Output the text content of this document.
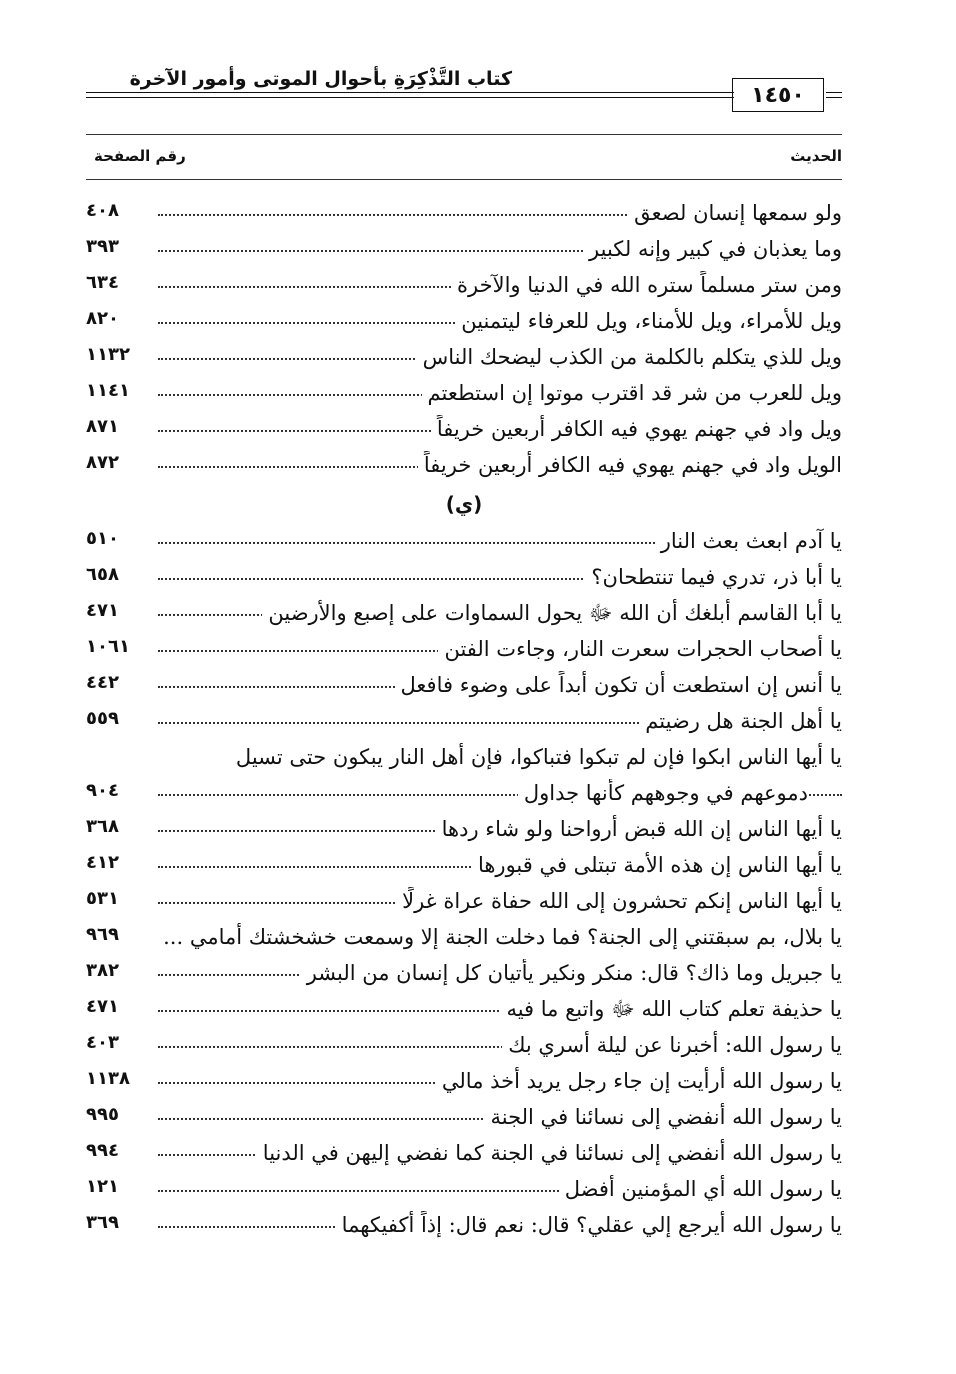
كتاب التَّذْكِرَةِ بأحوال الموتى وأمور الآخرة
١٤٥٠
الحديث
رقم الصفحة
ولو سمعها إنسان لصعق
٤٠٨
وما يعذبان في كبير وإنه لكبير
٣٩٣
ومن ستر مسلماً ستره الله في الدنيا والآخرة
٦٣٤
ويل للأمراء، ويل للأمناء، ويل للعرفاء ليتمنين
٨٢٠
ويل للذي يتكلم بالكلمة من الكذب ليضحك الناس
١١٣٢
ويل للعرب من شر قد اقترب موتوا إن استطعتم
١١٤١
ويل واد في جهنم يهوي فيه الكافر أربعين خريفاً
٨٧١
الويل واد في جهنم يهوي فيه الكافر أربعين خريفاً
٨٧٢
(ي)
يا آدم ابعث بعث النار
٥١٠
يا أبا ذر، تدري فيما تنتطحان؟
٦٥٨
يا أبا القاسم أبلغك أن الله ﷻ يحول السماوات على إصبع والأرضين
٤٧١
يا أصحاب الحجرات سعرت النار، وجاءت الفتن
١٠٦١
يا أنس إن استطعت أن تكون أبداً على وضوء فافعل
٤٤٢
يا أهل الجنة هل رضيتم
٥٥٩
يا أيها الناس ابكوا فإن لم تبكوا فتباكوا، فإن أهل النار يبكون حتى تسيل
دموعهم في وجوههم كأنها جداول
٩٠٤
يا أيها الناس إن الله قبض أرواحنا ولو شاء ردها
٣٦٨
يا أيها الناس إن هذه الأمة تبتلى في قبورها
٤١٢
يا أيها الناس إنكم تحشرون إلى الله حفاة عراة غرلًا
٥٣١
يا بلال، بم سبقتني إلى الجنة؟ فما دخلت الجنة إلا وسمعت خشخشتك أمامي ...
٩٦٩
يا جبريل وما ذاك؟ قال: منكر ونكير يأتيان كل إنسان من البشر
٣٨٢
يا حذيفة تعلم كتاب الله ﷻ واتبع ما فيه
٤٧١
يا رسول الله: أخبرنا عن ليلة أسري بك
٤٠٣
يا رسول الله أرأيت إن جاء رجل يريد أخذ مالي
١١٣٨
يا رسول الله أنفضي إلى نسائنا في الجنة
٩٩٥
يا رسول الله أنفضي إلى نسائنا في الجنة كما نفضي إليهن في الدنيا
٩٩٤
يا رسول الله أي المؤمنين أفضل
١٢١
يا رسول الله أيرجع إلي عقلي؟ قال: نعم قال: إذاً أكفيكهما
٣٦٩
